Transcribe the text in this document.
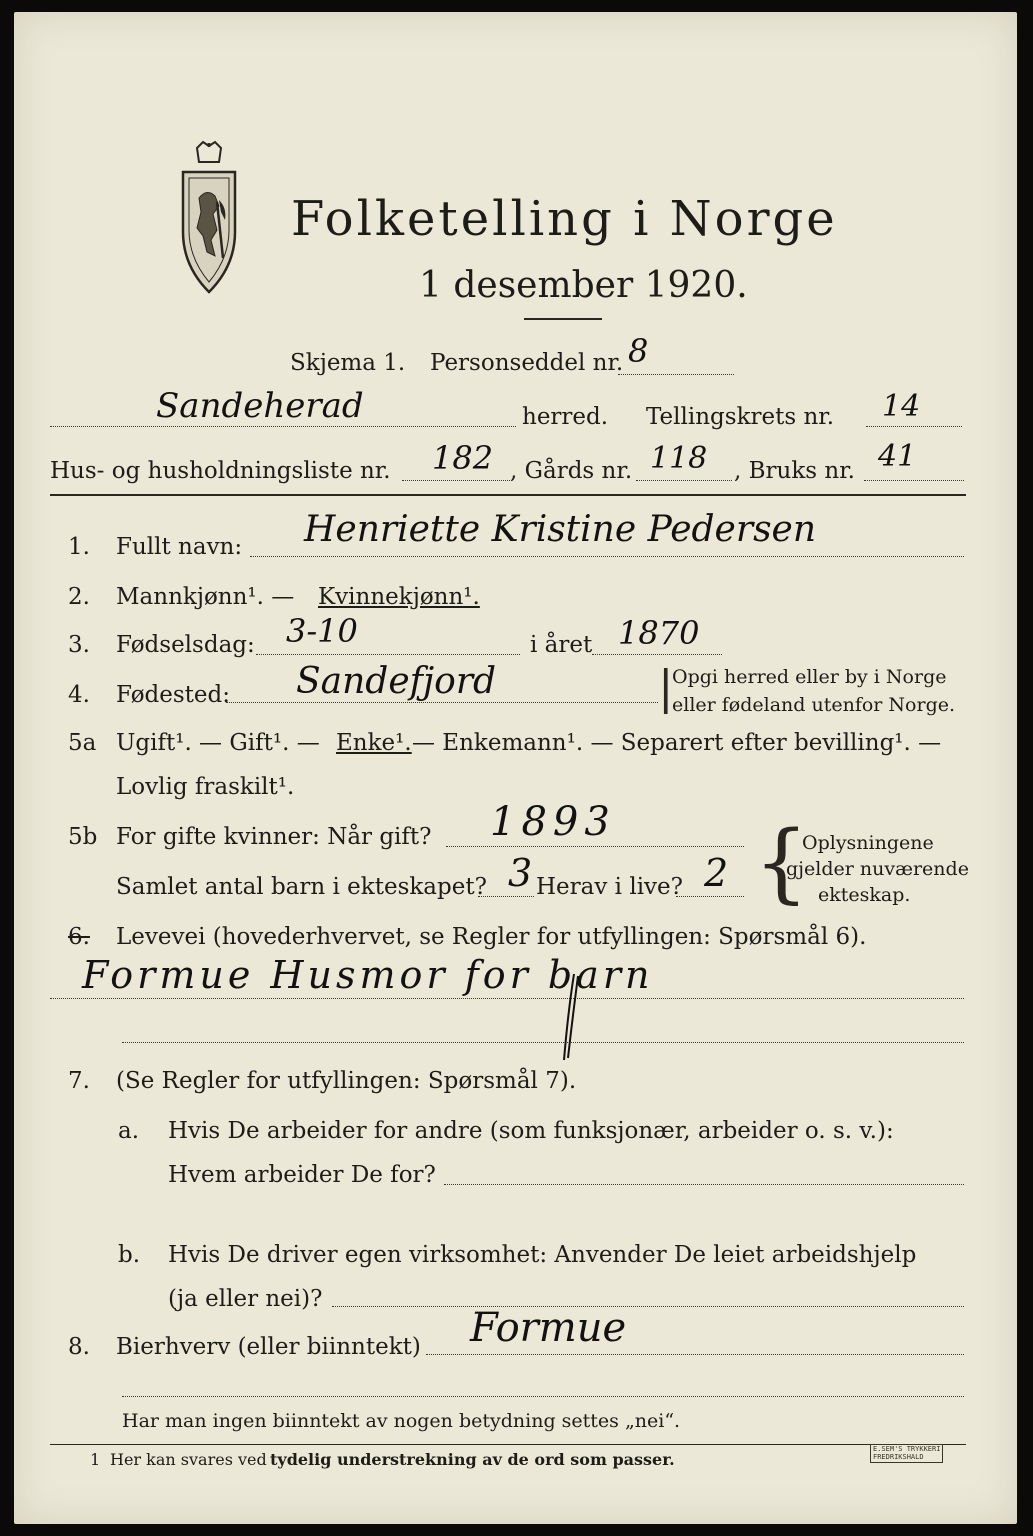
Folketelling i Norge
1 desember 1920.
Skjema 1. Personseddel nr. 8
Sandeherad	herred. Tellingskrets nr. 14
Hus- og husholdningsliste nr. 182 , Gårds nr. 118 , Bruks nr. 41
1. Fullt navn: Henriette Kristine Pedersen
2. Mannkjønn¹. — Kvinnekjønn¹.
3. Fødselsdag: 3-10	i året 1870
4. Fødested: Sandefjord	|
Opgi herred eller by i Norge
eller fødeland utenfor Norge.
5a Ugift¹. — Gift¹. — Enke¹. — Enkemann¹. — Separert efter bevilling¹. —
Lovlig fraskilt¹.
5b For gifte kvinner: Når gift? 1893
Samlet antal barn i ekteskapet? 3 Herav i live? 2 {
Oplysningene
gjelder nuværende
ekteskap.
6. Levevei (hovederhvervet, se Regler for utfyllingen: Spørsmål 6).
Formue Husmor for barn
7. (Se Regler for utfyllingen: Spørsmål 7).
a. Hvis De arbeider for andre (som funksjonær, arbeider o. s. v.):
Hvem arbeider De for?
b. Hvis De driver egen virksomhet: Anvender De leiet arbeidshjelp
(ja eller nei)?
8. Bierhverv (eller biinntekt) Formue
Har man ingen biinntekt av nogen betydning settes „nei“.
1 Her kan svares ved tydelig understrekning av de ord som passer.
E.SEM'S TRYKKERI
FREDRIKSHALD
